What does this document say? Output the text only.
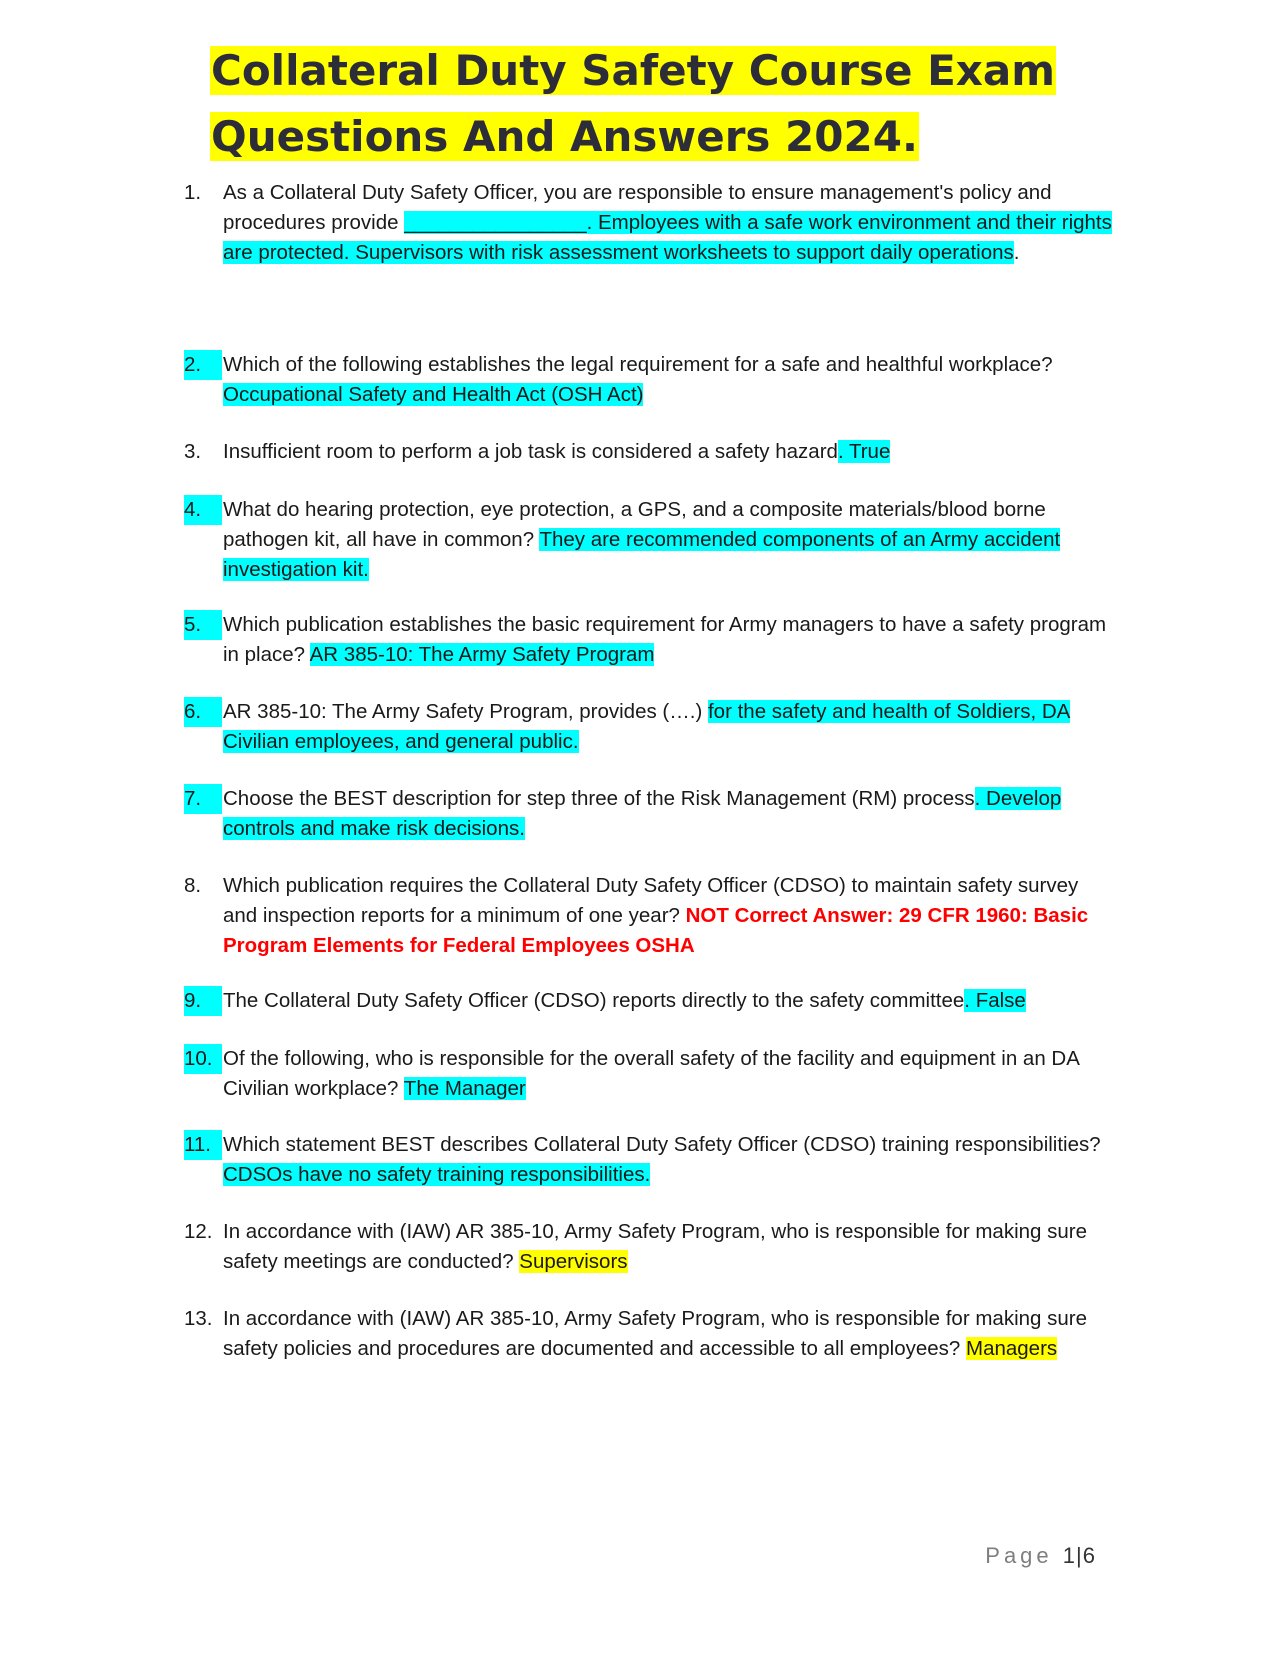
Collateral Duty Safety Course Exam
Questions And Answers 2024.
1.	As a Collateral Duty Safety Officer, you are responsible to ensure management's policy and procedures provide ________________. Employees with a safe work environment and their rights are protected. Supervisors with risk assessment worksheets to support daily operations.
2.	Which of the following establishes the legal requirement for a safe and healthful workplace? Occupational Safety and Health Act (OSH Act)
3.	Insufficient room to perform a job task is considered a safety hazard. True
4.	What do hearing protection, eye protection, a GPS, and a composite materials/blood borne pathogen kit, all have in common? They are recommended components of an Army accident investigation kit.
5.	Which publication establishes the basic requirement for Army managers to have a safety program in place? AR 385-10: The Army Safety Program
6.	AR 385-10: The Army Safety Program, provides (….) for the safety and health of Soldiers, DA Civilian employees, and general public.
7.	Choose the BEST description for step three of the Risk Management (RM) process. Develop controls and make risk decisions.
8.	Which publication requires the Collateral Duty Safety Officer (CDSO) to maintain safety survey and inspection reports for a minimum of one year? NOT Correct Answer: 29 CFR 1960: Basic Program Elements for Federal Employees OSHA
9.	The Collateral Duty Safety Officer (CDSO) reports directly to the safety committee. False
10. Of the following, who is responsible for the overall safety of the facility and equipment in an DA Civilian workplace? The Manager
11. Which statement BEST describes Collateral Duty Safety Officer (CDSO) training responsibilities? CDSOs have no safety training responsibilities.
12. In accordance with (IAW) AR 385-10, Army Safety Program, who is responsible for making sure safety meetings are conducted? Supervisors
13. In accordance with (IAW) AR 385-10, Army Safety Program, who is responsible for making sure safety policies and procedures are documented and accessible to all employees? Managers
Page 1|6
